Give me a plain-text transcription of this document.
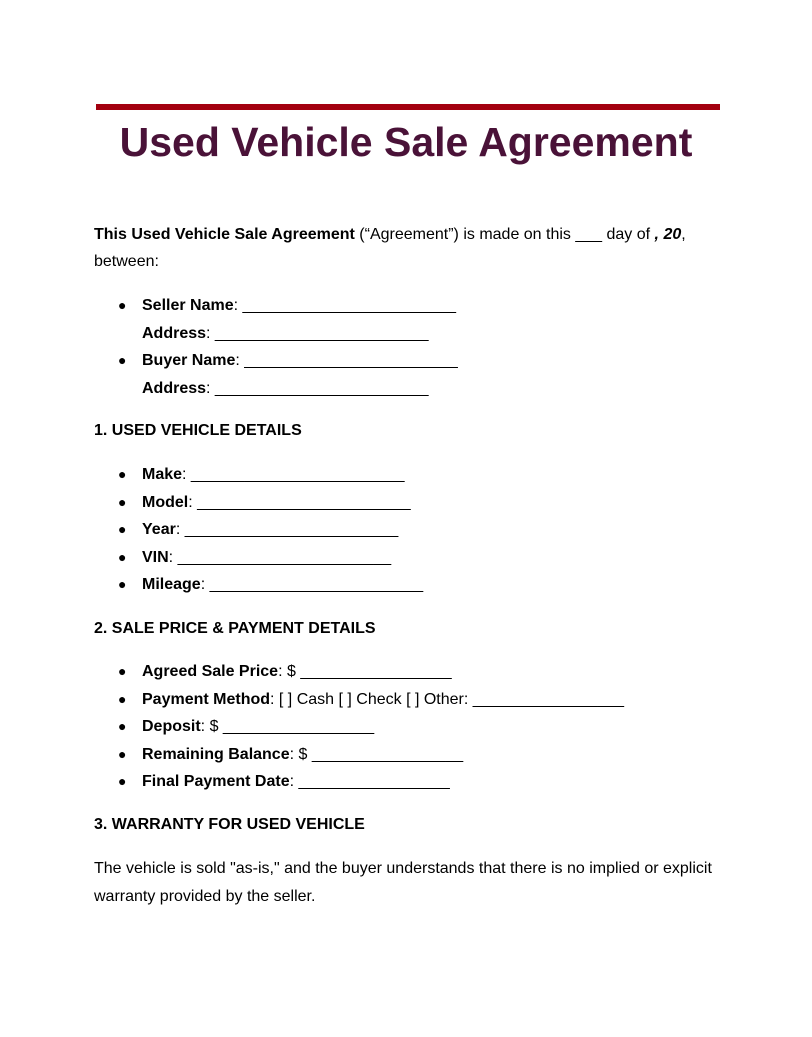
Used Vehicle Sale Agreement

This Used Vehicle Sale Agreement (“Agreement”) is made on this ___ day of , 20, between:

● Seller Name: ________________________
Address: ________________________
● Buyer Name: ________________________
Address: ________________________
1. USED VEHICLE DETAILS
● Make: ________________________
● Model: ________________________
● Year: ________________________
● VIN: ________________________
● Mileage: ________________________
2. SALE PRICE & PAYMENT DETAILS
● Agreed Sale Price: $ _________________
● Payment Method: [ ] Cash [ ] Check [ ] Other: _________________
● Deposit: $ _________________
● Remaining Balance: $ _________________
● Final Payment Date: _________________
3. WARRANTY FOR USED VEHICLE

The vehicle is sold "as-is," and the buyer understands that there is no implied or explicit warranty provided by the seller.
